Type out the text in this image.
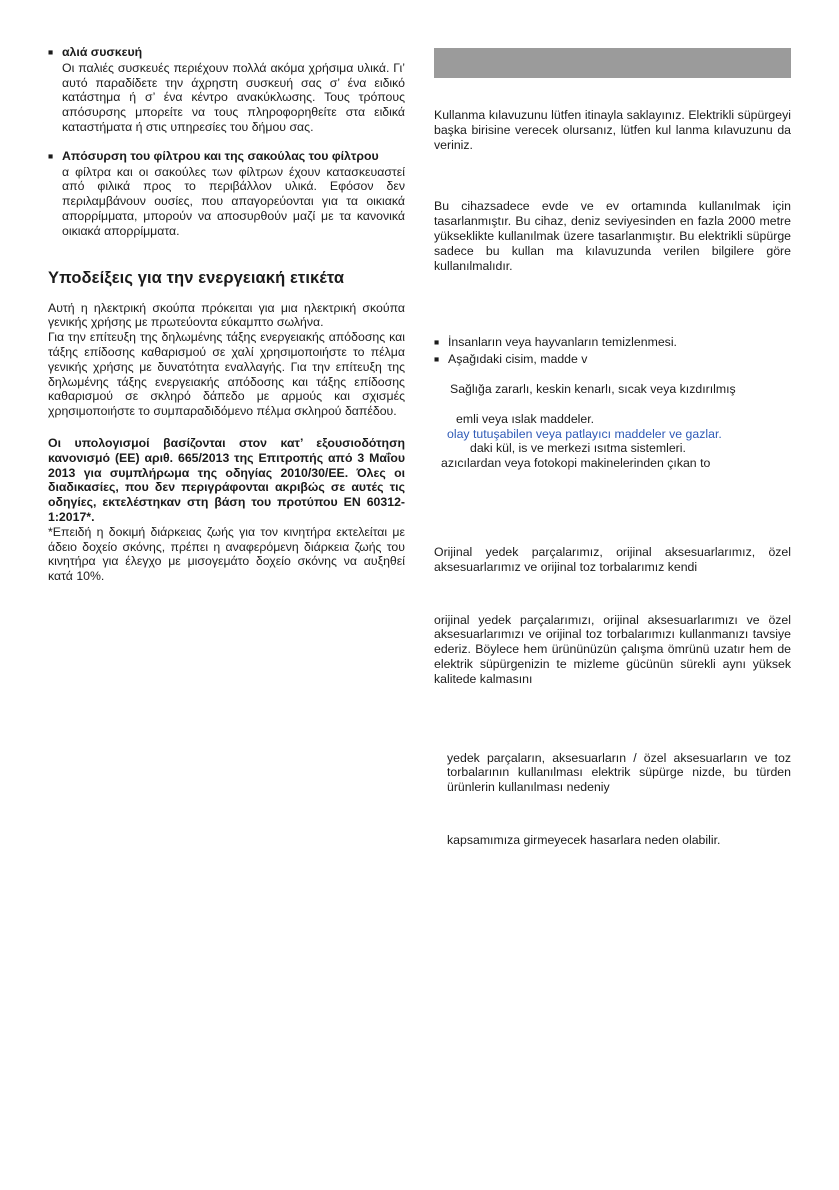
■ αλιά συσκευή

Οι παλιές συσκευές περιέχουν πολλά ακόμα χρήσιμα υλικά. Γι’ αυτό παραδίδετε την άχρηστη συσκευή σας σ’ ένα ειδικό κατάστημα ή σ’ ένα κέντρο ανακύκλωσης. Τους τρόπους απόσυρσης μπορείτε να τους πληροφορηθείτε στα ειδικά καταστήματα ή στις υπηρεσίες του δήμου σας.

■ Απόσυρση του φίλτρου και της σακούλας του φίλτρου

α φίλτρα και οι σακούλες των φίλτρων έχουν κατασκευαστεί από φιλικά προς το περιβάλλον υλικά. Εφόσον δεν περιλαμβάνουν ουσίες, που απαγορεύονται για τα οικιακά απορρίμματα, μπορούν να αποσυρθούν μαζί με τα κανονικά οικιακά απορρίμματα.

Υποδείξεις για την ενεργειακή ετικέτα

Αυτή η ηλεκτρική σκούπα πρόκειται για μια ηλεκτρική σκούπα γενικής χρήσης με πρωτεύοντα εύκαμπτο σωλήνα.

Για την επίτευξη της δηλωμένης τάξης ενεργειακής απόδοσης και τάξης επίδοσης καθαρισμού σε χαλί χρησιμοποιήστε το πέλμα γενικής χρήσης με δυνατότητα εναλλαγής. Για την επίτευξη της δηλωμένης τάξης ενεργειακής απόδοσης και τάξης επίδοσης καθαρισμού σε σκληρό δάπεδο με αρμούς και σχισμές χρησιμοποιήστε το συμπαραδιδόμενο πέλμα σκληρού δαπέδου.

Οι υπολογισμοί βασίζονται στον κατ’ εξουσιοδότηση κανονισμό (ΕΕ) αριθ. 665/2013 της Επιτροπής από 3 Μαΐου 2013 για συμπλήρωμα της οδηγίας 2010/30/ΕΕ. Όλες οι διαδικασίες, που δεν περιγράφονται ακριβώς σε αυτές τις οδηγίες, εκτελέστηκαν στη βάση του προτύπου EN 60312-1:2017*.

*Επειδή η δοκιμή διάρκειας ζωής για τον κινητήρα εκτελείται με άδειο δοχείο σκόνης, πρέπει η αναφερόμενη διάρκεια ζωής του κινητήρα για έλεγχο με μισογεμάτο δοχείο σκόνης να αυξηθεί κατά 10%.

Kullanma kılavuzunu lütfen itinayla saklayınız. Elektrikli süpürgeyi başka birisine verecek olursanız, lütfen kul lanma kılavuzunu da veriniz.

Bu cihazsadece evde ve ev ortamında kullanılmak için tasarlanmıştır. Bu cihaz, deniz seviyesinden en fazla 2000 metre yükseklikte kullanılmak üzere tasarlanmıştır. Bu elektrikli süpürge sadece bu kullan ma kılavuzunda verilen bilgilere göre kullanılmalıdır.

■ İnsanların veya hayvanların temizlenmesi.
■ Aşağıdaki cisim, madde v
Sağlığa zararlı, keskin kenarlı, sıcak veya kızdırılmış
emli veya ıslak maddeler.
olay tutuşabilen veya patlayıcı maddeler ve gazlar.
daki kül, is ve merkezi ısıtma sistemleri.
azıcılardan veya fotokopi makinelerinden çıkan to

Orijinal yedek parçalarımız, orijinal aksesuarlarımız, özel aksesuarlarımız ve orijinal toz torbalarımız kendi

orijinal yedek parçalarımızı, orijinal aksesuarlarımızı ve özel aksesuarlarımızı ve orijinal toz torbalarımızı kullanmanızı tavsiye ederiz. Böylece hem ürününüzün çalışma ömrünü uzatır hem de elektrik süpürgenizin te mizleme gücünün sürekli aynı yüksek kalitede kalmasını

yedek parçaların, aksesuarların / özel aksesuarların ve toz torbalarının kullanılması elektrik süpürge nizde, bu türden ürünlerin kullanılması nedeniy

kapsamımıza girmeyecek hasarlara neden olabilir.
